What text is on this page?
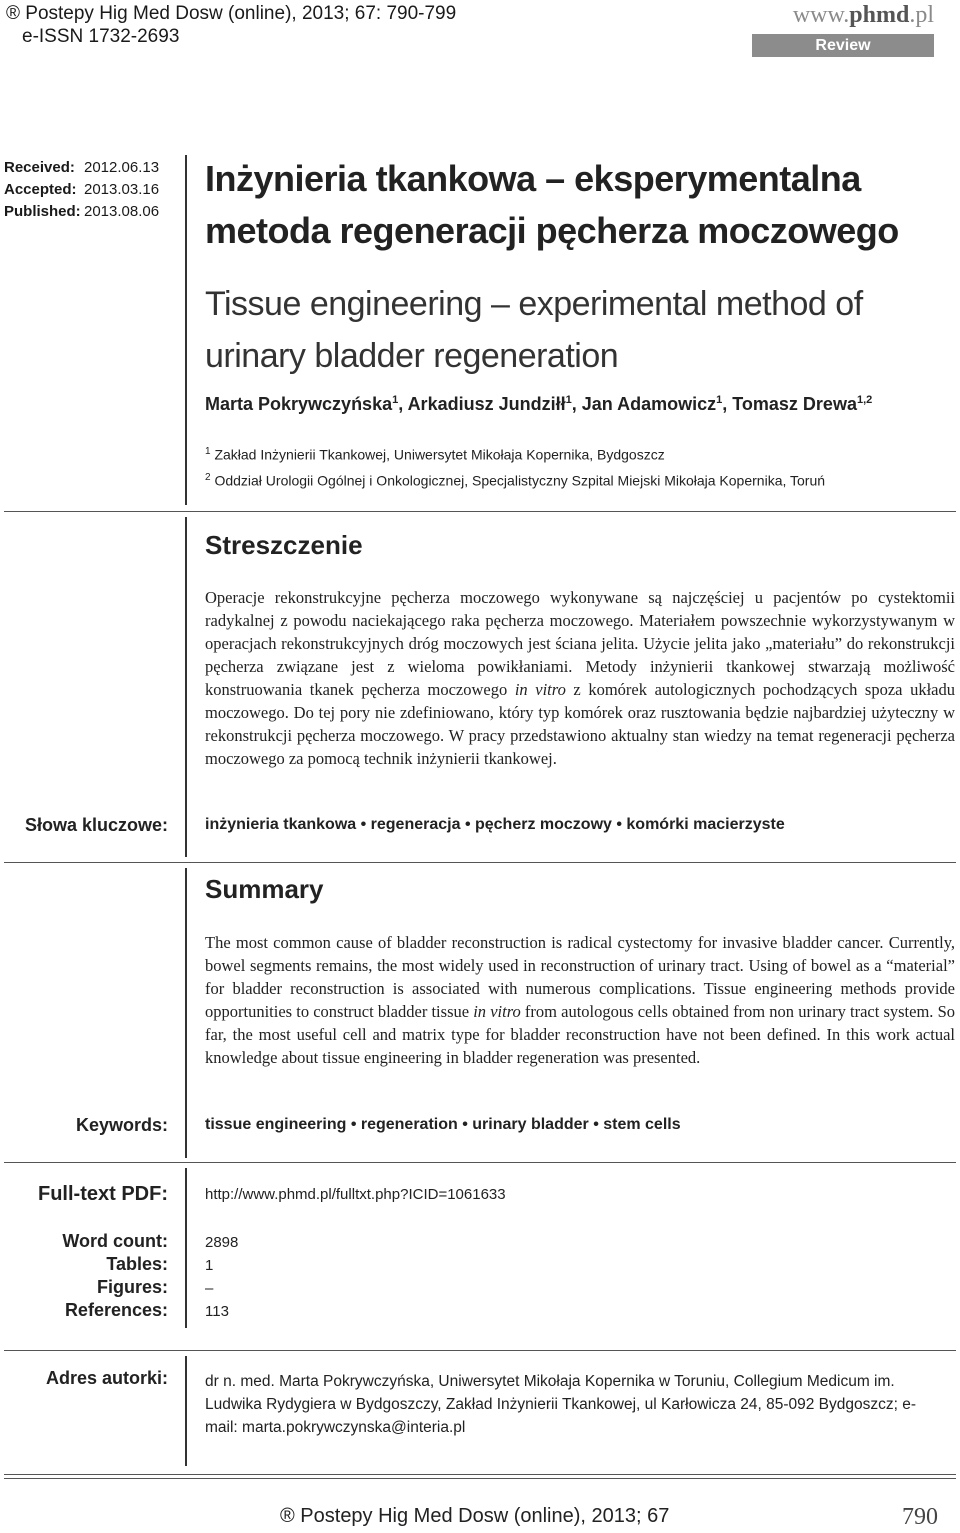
® Postepy Hig Med Dosw (online), 2013; 67: 790-799
e-ISSN 1732-2693
www.phmd.pl
Review
Received: 2012.06.13
Accepted: 2013.03.16
Published: 2013.08.06
Inżynieria tkankowa – eksperymentalna metoda regeneracji pęcherza moczowego
Tissue engineering – experimental method of urinary bladder regeneration
Marta Pokrywczyńska$^1$, Arkadiusz Jundziłł$^1$, Jan Adamowicz$^1$, Tomasz Drewa$^{1,2}$
$^1$ Zakład Inżynierii Tkankowej, Uniwersytet Mikołaja Kopernika, Bydgoszcz
$^2$ Oddział Urologii Ogólnej i Onkologicznej, Specjalistyczny Szpital Miejski Mikołaja Kopernika, Toruń
Streszczenie
Operacje rekonstrukcyjne pęcherza moczowego wykonywane są najczęściej u pacjentów po cystektomii radykalnej z powodu naciekającego raka pęcherza moczowego. Materiałem powszechnie wykorzystywanym w operacjach rekonstrukcyjnych dróg moczowych jest ściana jelita. Użycie jelita jako „materiału” do rekonstrukcji pęcherza związane jest z wieloma powikłaniami. Metody inżynierii tkankowej stwarzają możliwość konstruowania tkanek pęcherza moczowego in vitro z komórek autologicznych pochodzących spoza układu moczowego. Do tej pory nie zdefiniowano, który typ komórek oraz rusztowania będzie najbardziej użyteczny w rekonstrukcji pęcherza moczowego. W pracy przedstawiono aktualny stan wiedzy na temat regeneracji pęcherza moczowego za pomocą technik inżynierii tkankowej.
Słowa kluczowe: inżynieria tkankowa • regeneracja • pęcherz moczowy • komórki macierzyste
Summary
The most common cause of bladder reconstruction is radical cystectomy for invasive bladder cancer. Currently, bowel segments remains, the most widely used in reconstruction of urinary tract. Using of bowel as a “material” for bladder reconstruction is associated with numerous complications. Tissue engineering methods provide opportunities to construct bladder tissue in vitro from autologous cells obtained from non urinary tract system. So far, the most useful cell and matrix type for bladder reconstruction have not been defined. In this work actual knowledge about tissue engineering in bladder regeneration was presented.
Keywords: tissue engineering • regeneration • urinary bladder • stem cells
Full-text PDF: http://www.phmd.pl/fulltxt.php?ICID=1061633
Word count:
Tables:
Figures:
References:
2898
1
–
113
Adres autorki: dr n. med. Marta Pokrywczyńska, Uniwersytet Mikołaja Kopernika w Toruniu, Collegium Medicum im. Ludwika Rydygiera w Bydgoszczy, Zakład Inżynierii Tkankowej, ul Karłowicza 24, 85-092 Bydgoszcz; e-mail: marta.pokrywczynska@interia.pl
® Postepy Hig Med Dosw (online), 2013; 67	790
